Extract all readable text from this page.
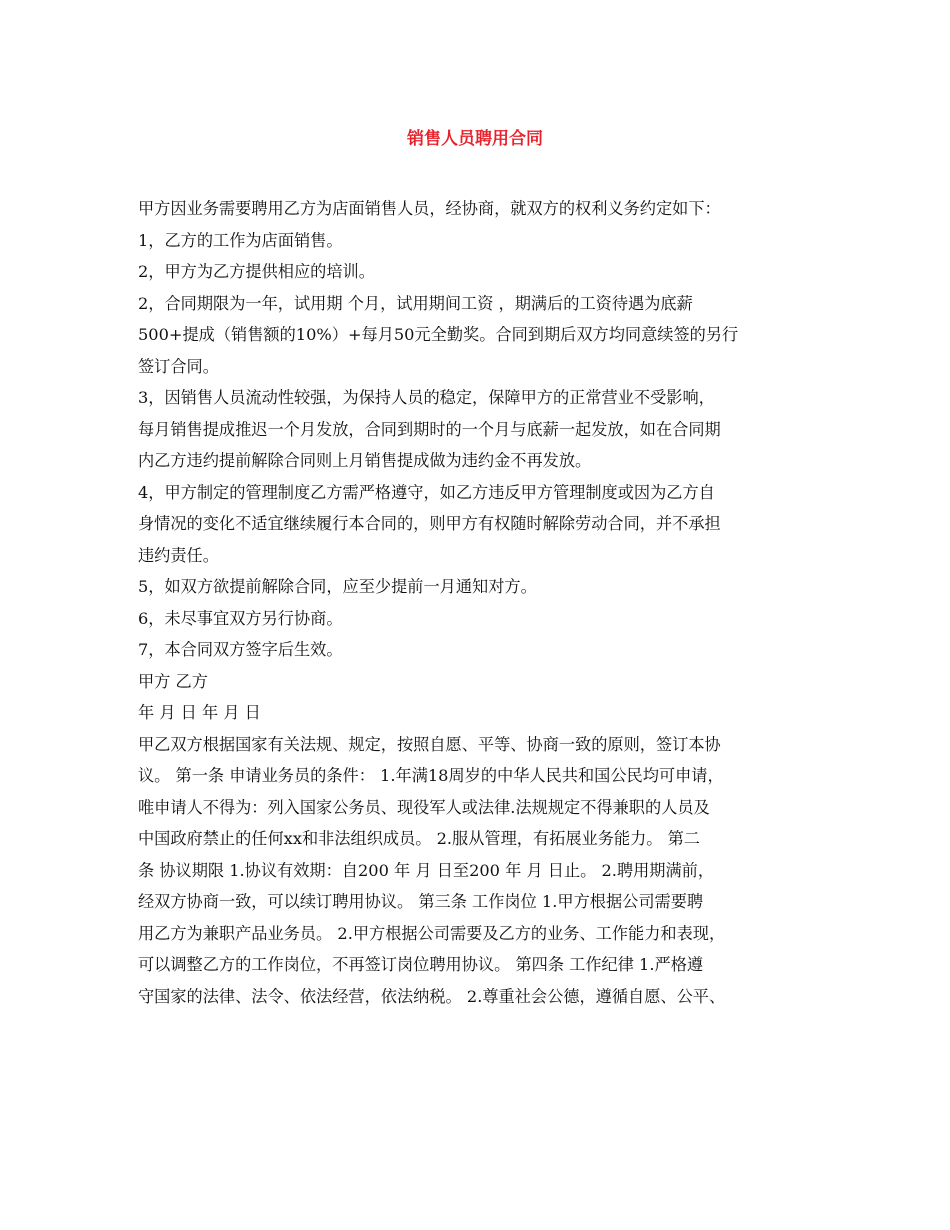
销售人员聘用合同

甲方因业务需要聘用乙方为店面销售人员，经协商，就双方的权利义务约定如下：

1，乙方的工作为店面销售。

2，甲方为乙方提供相应的培训。

2，合同期限为一年，试用期 个月，试用期间工资 ，期满后的工资待遇为底薪

500+提成（销售额的10%）+每月50元全勤奖。合同到期后双方均同意续签的另行

签订合同。

3，因销售人员流动性较强，为保持人员的稳定，保障甲方的正常营业不受影响，

每月销售提成推迟一个月发放，合同到期时的一个月与底薪一起发放，如在合同期

内乙方违约提前解除合同则上月销售提成做为违约金不再发放。

4，甲方制定的管理制度乙方需严格遵守，如乙方违反甲方管理制度或因为乙方自

身情况的变化不适宜继续履行本合同的，则甲方有权随时解除劳动合同，并不承担

违约责任。

5，如双方欲提前解除合同，应至少提前一月通知对方。

6，未尽事宜双方另行协商。

7，本合同双方签字后生效。

甲方 乙方

年 月 日 年 月 日

甲乙双方根据国家有关法规、规定，按照自愿、平等、协商一致的原则，签订本协

议。 第一条 申请业务员的条件： 1.年满18周岁的中华人民共和国公民均可申请，

唯申请人不得为：列入国家公务员、现役军人或法律.法规规定不得兼职的人员及

中国政府禁止的任何xx和非法组织成员。 2.服从管理，有拓展业务能力。 第二

条 协议期限 1.协议有效期：自200 年 月 日至200 年 月 日止。 2.聘用期满前，

经双方协商一致，可以续订聘用协议。 第三条 工作岗位 1.甲方根据公司需要聘

用乙方为兼职产品业务员。 2.甲方根据公司需要及乙方的业务、工作能力和表现，

可以调整乙方的工作岗位，不再签订岗位聘用协议。 第四条 工作纪律 1.严格遵

守国家的法律、法令、依法经营，依法纳税。 2.尊重社会公德，遵循自愿、公平、
